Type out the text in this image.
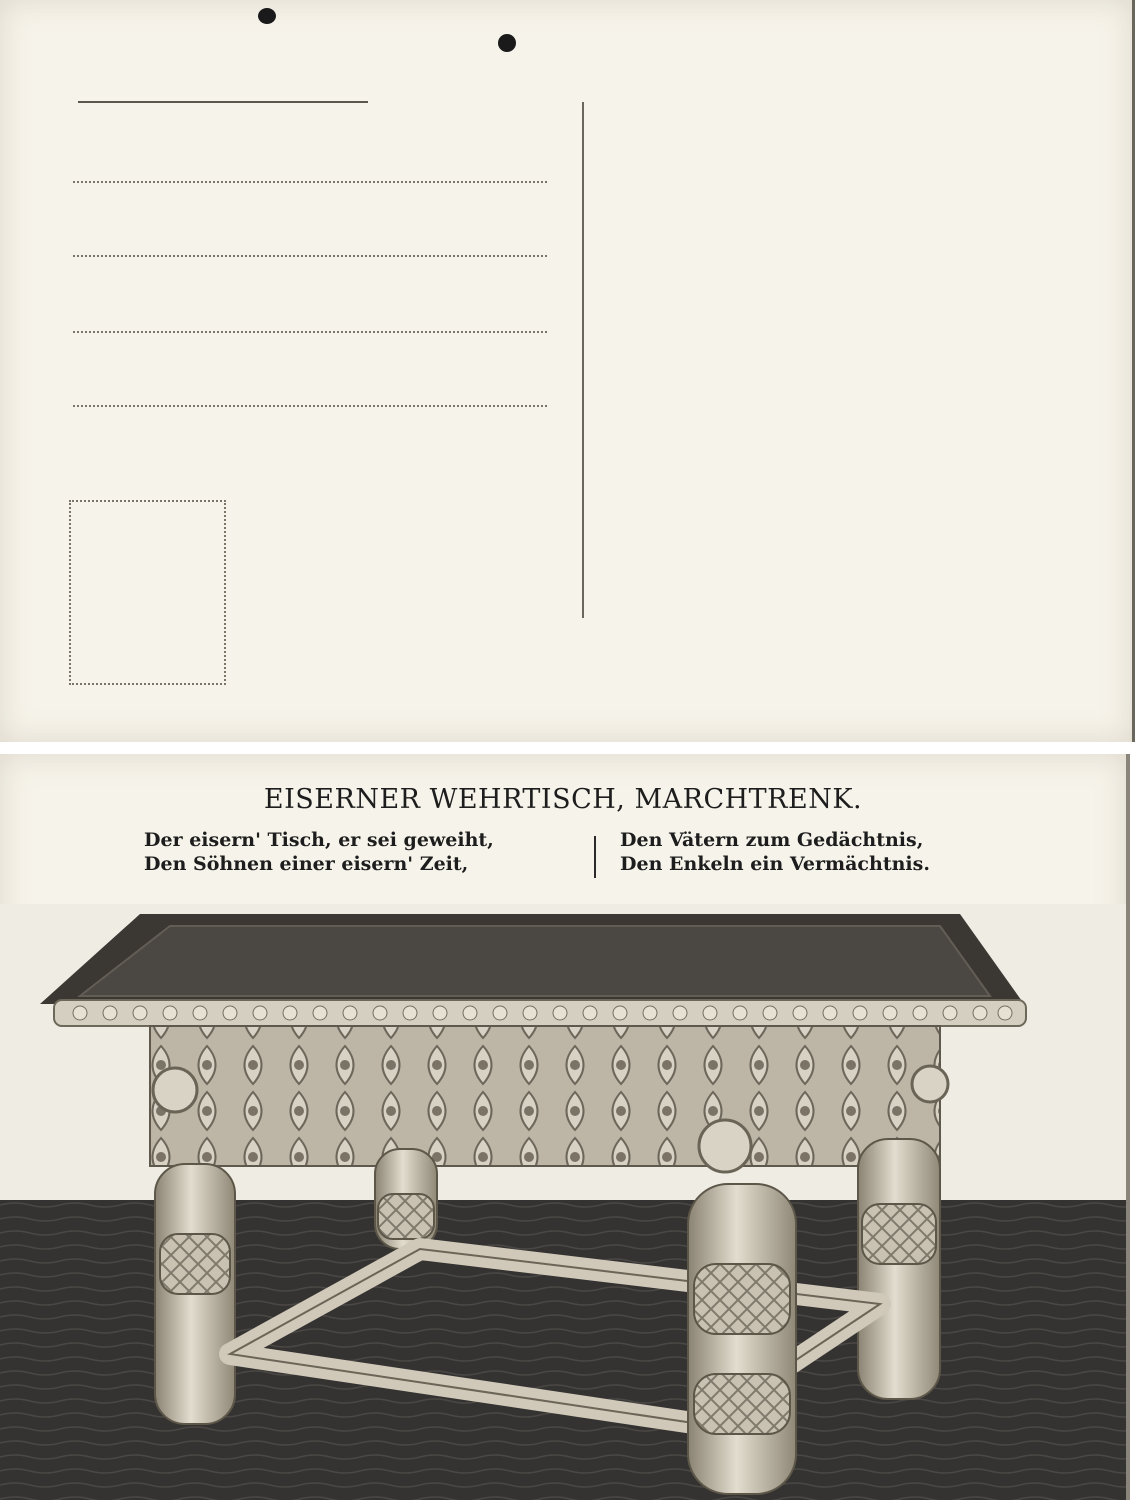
EISERNER WEHRTISCH, MARCHTRENK.
Der eisern' Tisch, er sei geweiht,
Den Söhnen einer eisern' Zeit,
Den Vätern zum Gedächtnis,
Den Enkeln ein Vermächtnis.
